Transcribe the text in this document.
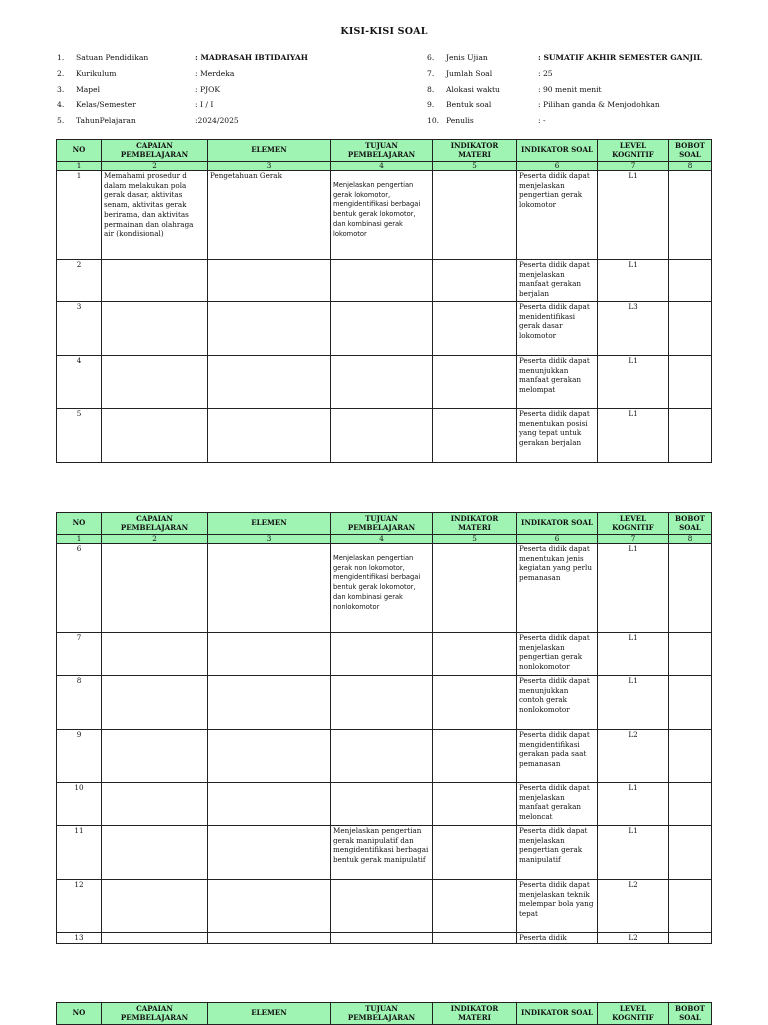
KISI-KISI SOAL
1.	Satuan Pendidikan	: MADRASAH IBTIDAIYAH
2.	Kurikulum	: Merdeka
3.	Mapel	: PJOK
4.	Kelas/Semester	: I / I
5.	TahunPelajaran	:2024/2025
6.	Jenis Ujian	: SUMATIF AKHIR SEMESTER GANJIL
7.	Jumlah Soal	: 25
8.	Alokasi waktu	: 90 menit menit
9.	Bentuk soal	: Pilihan ganda & Menjodohkan
10. Penulis	: -
NO	CAPAIAN PEMBELAJARAN	ELEMEN	TUJUAN PEMBELAJARAN	INDIKATOR MATERI	INDIKATOR SOAL	LEVEL KOGNITIF	BOBOT SOAL
1	2	3	4	5	6	7	8
1	Memahami prosedur d dalam melakukan pola gerak dasar, aktivitas senam, aktivitas gerak berirama, dan aktivitas permainan dan olahraga air (kondisional)	Pengetahuan Gerak	Menjelaskan pengertian gerak lokomotor, mengidentifikasi berbagai bentuk gerak lokomotor, dan kombinasi gerak lokomotor		Peserta didik dapat menjelaskan pengertian gerak lokomotor	L1	
2					Peserta didik dapat menjelaskan manfaat gerakan berjalan	L1	
3					Peserta didik dapat menidentifikasi gerak dasar lokomotor	L3	
4					Peserta didik dapat menunjukkan manfaat gerakan melompat	L1	
5					Peserta didik dapat menentukan posisi yang tepat untuk gerakan berjalan	L1	
NO	CAPAIAN PEMBELAJARAN	ELEMEN	TUJUAN PEMBELAJARAN	INDIKATOR MATERI	INDIKATOR SOAL	LEVEL KOGNITIF	BOBOT SOAL
1	2	3	4	5	6	7	8
6			Menjelaskan pengertian gerak non lokomotor, mengidentifikasi berbagai bentuk gerak lokomotor, dan kombinasi gerak nonlokomotor		Peserta didik dapat menentukan jenis kegiatan yang perlu pemanasan	L1	
7					Peserta didik dapat menjelaskan pengertian gerak nonlokomotor	L1	
8					Peserta didik dapat menunjukkan contoh gerak nonlokomotor	L1	
9					Peserta didik dapat mengidentifikasi gerakan pada saat pemanasan	L2	
10					Peserta didik dapat menjelaskan manfaat gerakan meloncat	L1	
11			Menjelaskan pengertian gerak manipulatif dan mengidentifikasi berbagai bentuk gerak manipulatif		Peserta didk dapat menjelaskan pengertian gerak manipulatif	L1	
12					Peserta didik dapat menjelaskan teknik melempar bola yang tepat	L2	
13					Peserta didik	L2	
NO	CAPAIAN PEMBELAJARAN	ELEMEN	TUJUAN PEMBELAJARAN	INDIKATOR MATERI	INDIKATOR SOAL	LEVEL KOGNITIF	BOBOT SOAL
